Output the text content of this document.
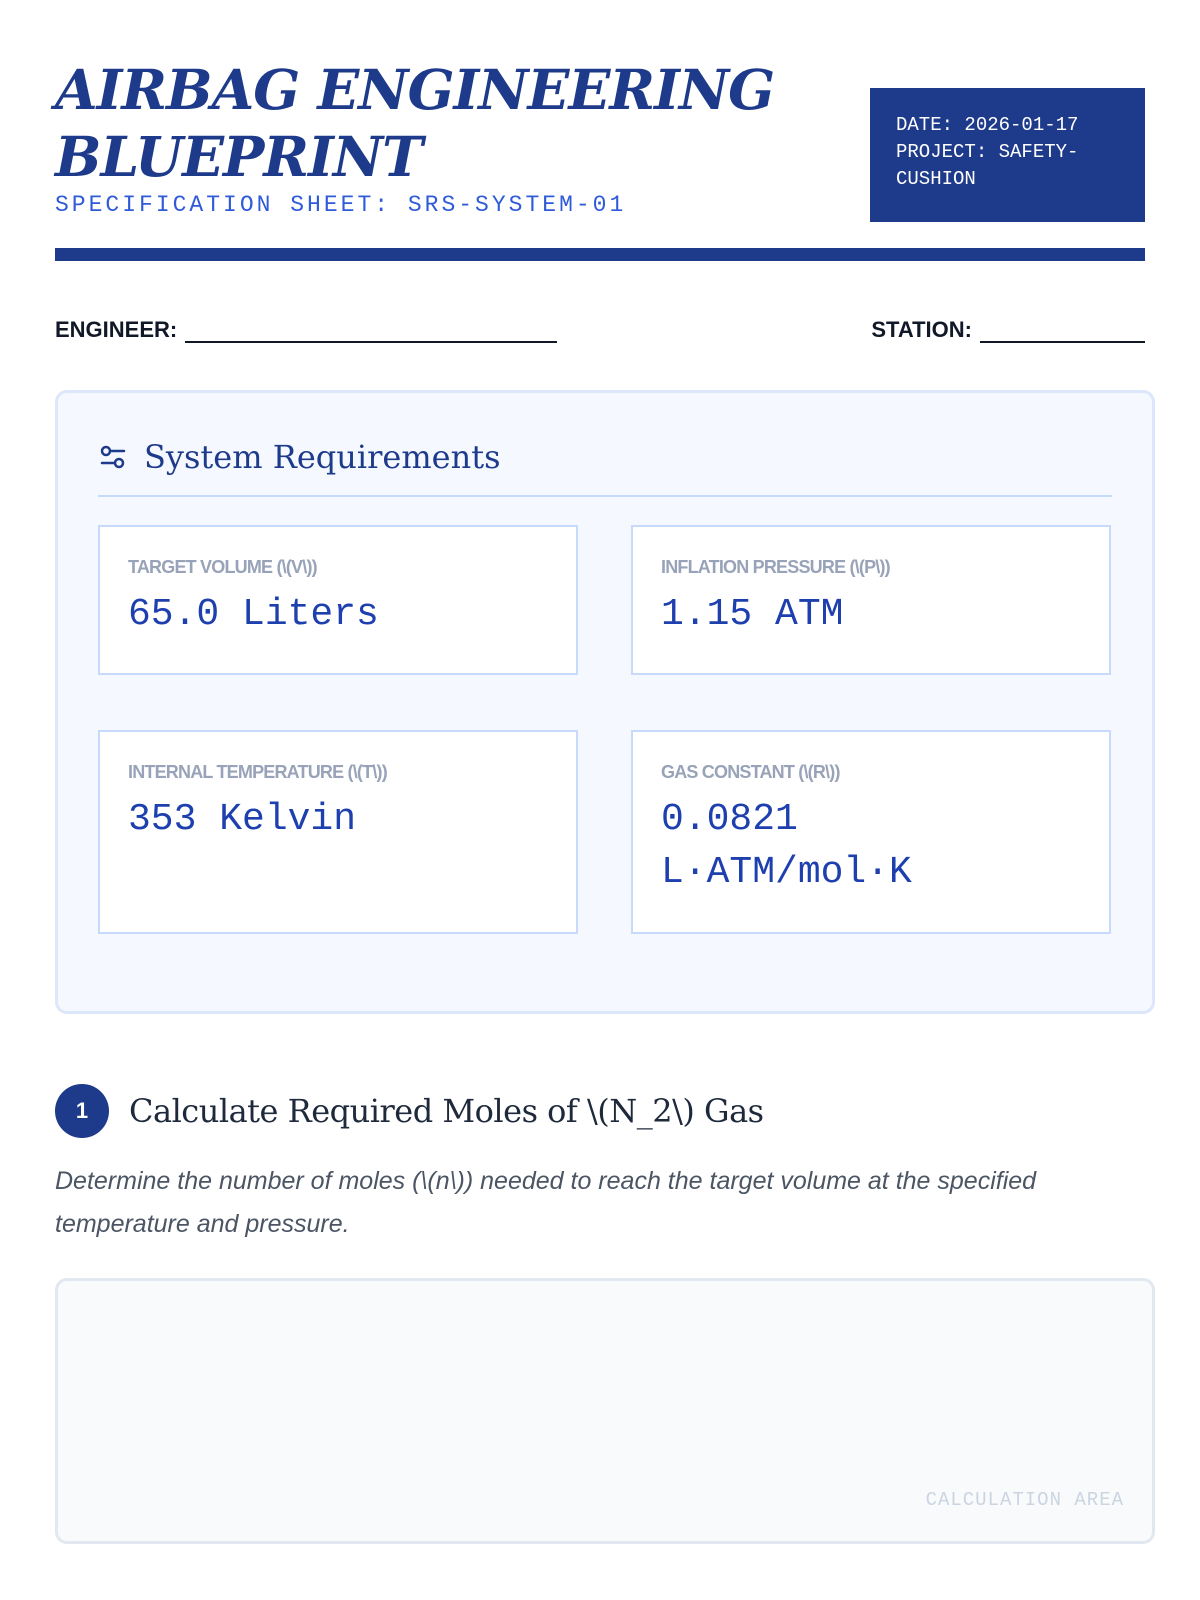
AIRBAG ENGINEERING BLUEPRINT
SPECIFICATION SHEET: SRS-SYSTEM-01
DATE: 2026-01-17
PROJECT: SAFETY-CUSHION
ENGINEER:	STATION:
System Requirements
TARGET VOLUME (\(V\))
65.0 Liters
INFLATION PRESSURE (\(P\))
1.15 ATM
INTERNAL TEMPERATURE (\(T\))
353 Kelvin
GAS CONSTANT (\(R\))
0.0821 L·ATM/mol·K
1	Calculate Required Moles of \(N_2\) Gas
Determine the number of moles (\(n\)) needed to reach the target volume at the specified temperature and pressure.
CALCULATION AREA
